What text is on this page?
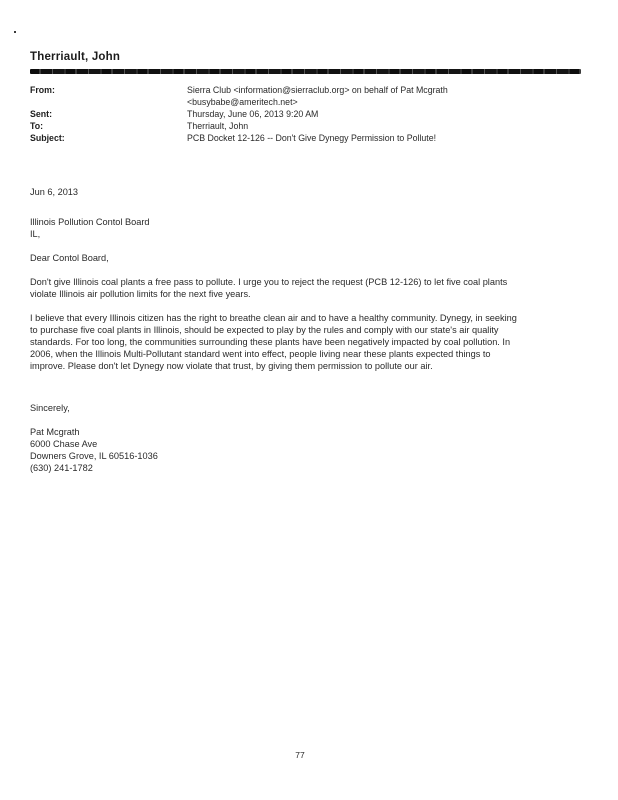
Therriault, John
From:	Sierra Club <information@sierraclub.org> on behalf of Pat Mcgrath
<busybabe@ameritech.net>
Sent:	Thursday, June 06, 2013 9:20 AM
To:	Therriault, John
Subject:	PCB Docket 12-126 -- Don't Give Dynegy Permission to Pollute!
Jun 6, 2013
Illinois Pollution Contol Board
IL,
Dear Contol Board,
Don't give Illinois coal plants a free pass to pollute. I urge you to reject the request (PCB 12-126) to let five coal plants
violate Illinois air pollution limits for the next five years.
I believe that every Illinois citizen has the right to breathe clean air and to have a healthy community. Dynegy, in seeking
to purchase five coal plants in Illinois, should be expected to play by the rules and comply with our state's air quality
standards. For too long, the communities surrounding these plants have been negatively impacted by coal pollution. In
2006, when the Illinois Multi-Pollutant standard went into effect, people living near these plants expected things to
improve. Please don't let Dynegy now violate that trust, by giving them permission to pollute our air.
Sincerely,
Pat Mcgrath
6000 Chase Ave
Downers Grove, IL 60516-1036
(630) 241-1782
77
